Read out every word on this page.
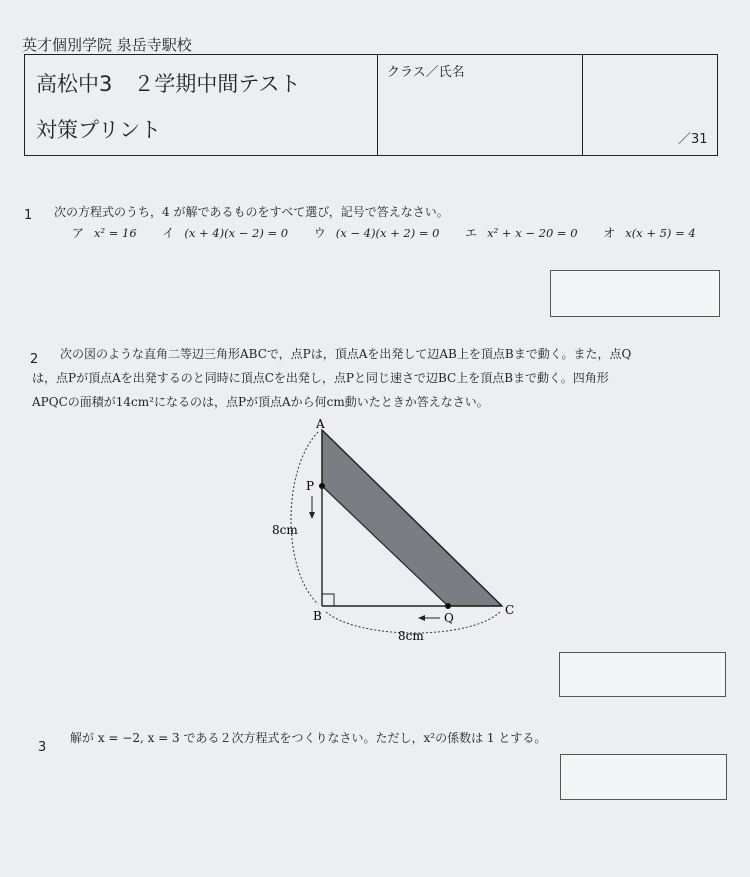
英才個別学院 泉岳寺駅校
高松中3　２学期中間テスト
対策プリント
クラス／氏名
／31
1 次の方程式のうち，4 が解であるものをすべて選び，記号で答えなさい。
ア x² = 16 イ (x + 4)(x − 2) = 0 ウ (x − 4)(x + 2) = 0 エ x² + x − 20 = 0 オ x(x + 5) = 4
2 次の図のような直角二等辺三角形ABCで，点Pは，頂点Aを出発して辺AB上を頂点Bまで動く。また，点Q
は，点Pが頂点Aを出発するのと同時に頂点Cを出発し，点Pと同じ速さで辺BC上を頂点Bまで動く。四角形
APQCの面積が14cm²になるのは，点Pが頂点Aから何cm動いたときか答えなさい。
A
P
B	C
Q
8cm
8cm
3
解が x = −2, x = 3 である２次方程式をつくりなさい。ただし，x²の係数は 1 とする。
